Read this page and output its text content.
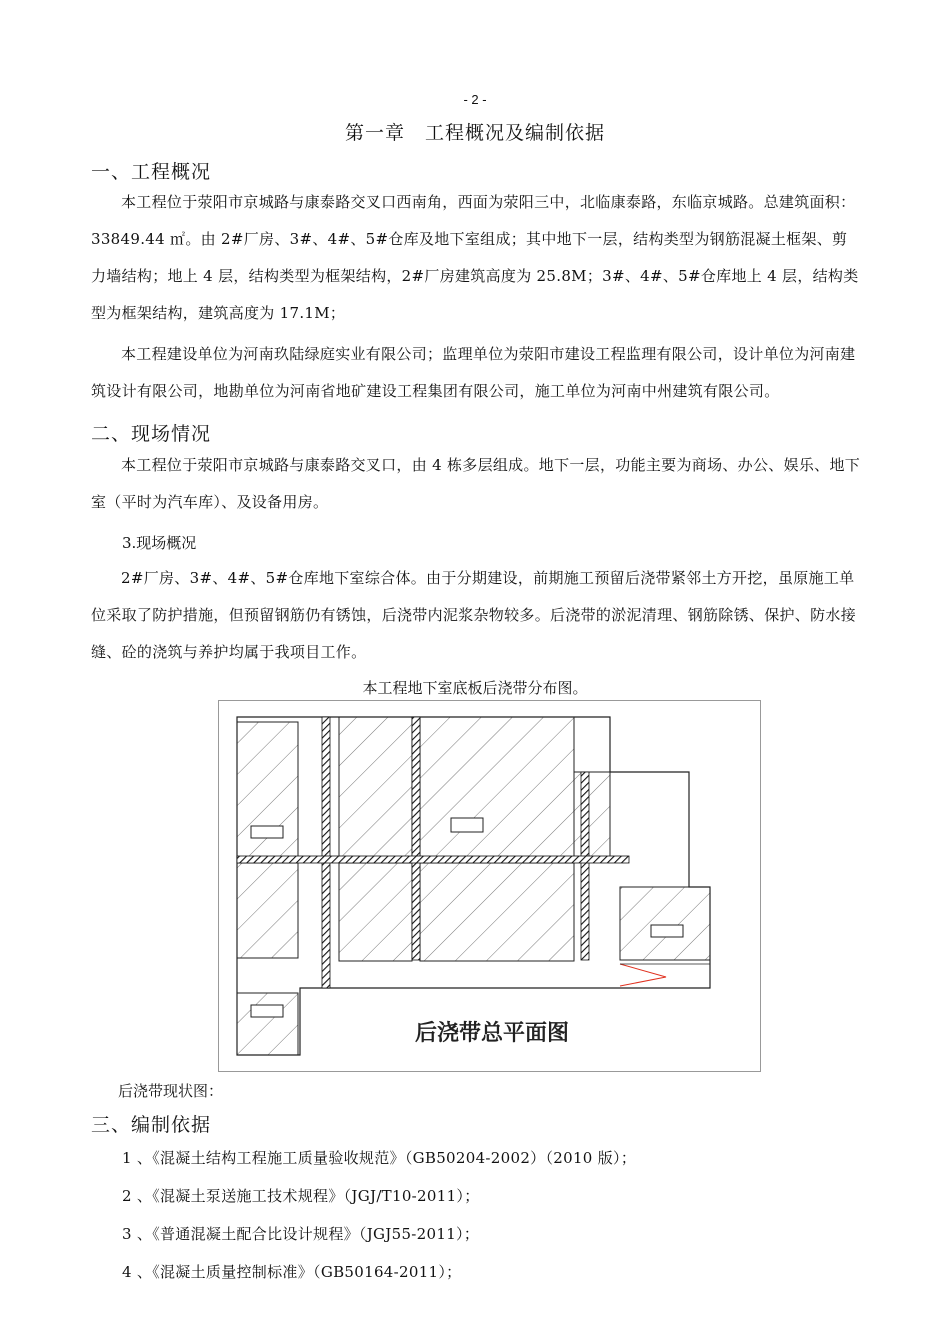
- 2 -
第一章　工程概况及编制依据
一、工程概况
本工程位于荥阳市京城路与康泰路交叉口西南角，西面为荥阳三中，北临康泰路，东临京城路。总建筑面积：33849.44 ㎡。由 2#厂房、3#、4#、5#仓库及地下室组成；其中地下一层，结构类型为钢筋混凝土框架、剪力墙结构；地上 4 层，结构类型为框架结构，2#厂房建筑高度为 25.8M；3#、4#、5#仓库地上 4 层，结构类型为框架结构，建筑高度为 17.1M；
本工程建设单位为河南玖陆绿庭实业有限公司；监理单位为荥阳市建设工程监理有限公司，设计单位为河南建筑设计有限公司，地勘单位为河南省地矿建设工程集团有限公司，施工单位为河南中州建筑有限公司。
二、现场情况
本工程位于荥阳市京城路与康泰路交叉口，由 4 栋多层组成。地下一层，功能主要为商场、办公、娱乐、地下室（平时为汽车库）、及设备用房。
3.现场概况
2#厂房、3#、4#、5#仓库地下室综合体。由于分期建设，前期施工预留后浇带紧邻土方开挖，虽原施工单位采取了防护措施，但预留钢筋仍有锈蚀，后浇带内泥浆杂物较多。后浇带的淤泥清理、钢筋除锈、保护、防水接缝、砼的浇筑与养护均属于我项目工作。
本工程地下室底板后浇带分布图。
后浇带总平面图
后浇带现状图：
三、编制依据
1 、《混凝土结构工程施工质量验收规范》（GB50204-2002）（2010 版）；
2 、《混凝土泵送施工技术规程》（JGJ/T10-2011）；
3 、《普通混凝土配合比设计规程》（JGJ55-2011）；
4 、《混凝土质量控制标准》（GB50164-2011）；
